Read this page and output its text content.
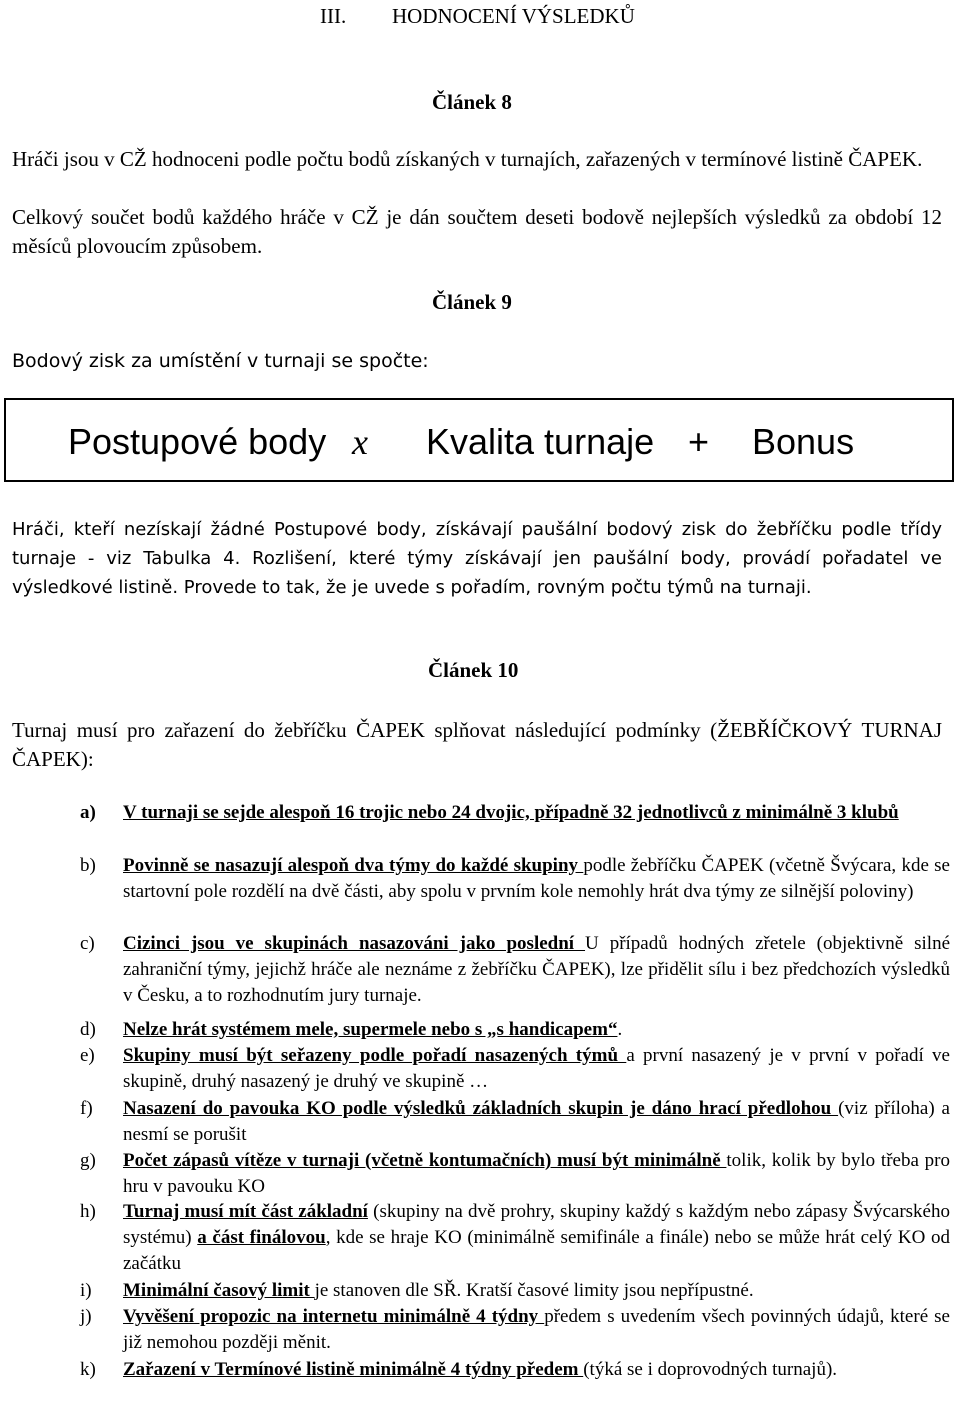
III. HODNOCENÍ VÝSLEDKŮ
Článek 8
Hráči jsou v CŽ hodnoceni podle počtu bodů získaných v turnajích, zařazených v termínové listině ČAPEK.
Celkový součet bodů každého hráče v CŽ je dán součtem deseti bodově nejlepších výsledků za období 12 měsíců plovoucím způsobem.
Článek 9
Bodový zisk za umístění v turnaji se spočte:
Postupové body x Kvalita turnaje + Bonus
Hráči, kteří nezískají žádné Postupové body, získávají paušální bodový zisk do žebříčku podle třídy turnaje - viz Tabulka 4. Rozlišení, které týmy získávají jen paušální body, provádí pořadatel ve výsledkové listině. Provede to tak, že je uvede s pořadím, rovným počtu týmů na turnaji.
Článek 10
Turnaj musí pro zařazení do žebříčku ČAPEK splňovat následující podmínky (ŽEBŘÍČKOVÝ TURNAJ ČAPEK):
a)	V turnaji se sejde alespoň 16 trojic nebo 24 dvojic, případně 32 jednotlivců z minimálně 3 klubů
b)	Povinně se nasazují alespoň dva týmy do každé skupiny podle žebříčku ČAPEK (včetně Švýcara, kde se startovní pole rozdělí na dvě části, aby spolu v prvním kole nemohly hrát dva týmy ze silnější poloviny)
c)	Cizinci jsou ve skupinách nasazováni jako poslední U případů hodných zřetele (objektivně silné zahraniční týmy, jejichž hráče ale neznáme z žebříčku ČAPEK), lze přidělit sílu i bez předchozích výsledků v Česku, a to rozhodnutím jury turnaje.
d)	Nelze hrát systémem mele, supermele nebo s „s handicapem“.
e)	Skupiny musí být seřazeny podle pořadí nasazených týmů a první nasazený je v první v pořadí ve skupině, druhý nasazený je druhý ve skupině …
f)	Nasazení do pavouka KO podle výsledků základních skupin je dáno hrací předlohou (viz příloha) a nesmí se porušit
g)	Počet zápasů vítěze v turnaji (včetně kontumačních) musí být minimálně tolik, kolik by bylo třeba pro hru v pavouku KO
h)	Turnaj musí mít část základní (skupiny na dvě prohry, skupiny každý s každým nebo zápasy Švýcarského systému) a část finálovou, kde se hraje KO (minimálně semifinále a finále) nebo se může hrát celý KO od začátku
i)	Minimální časový limit je stanoven dle SŘ. Kratší časové limity jsou nepřípustné.
j)	Vyvěšení propozic na internetu minimálně 4 týdny předem s uvedením všech povinných údajů, které se již nemohou později měnit.
k)	Zařazení v Termínové listině minimálně 4 týdny předem (týká se i doprovodných turnajů).
